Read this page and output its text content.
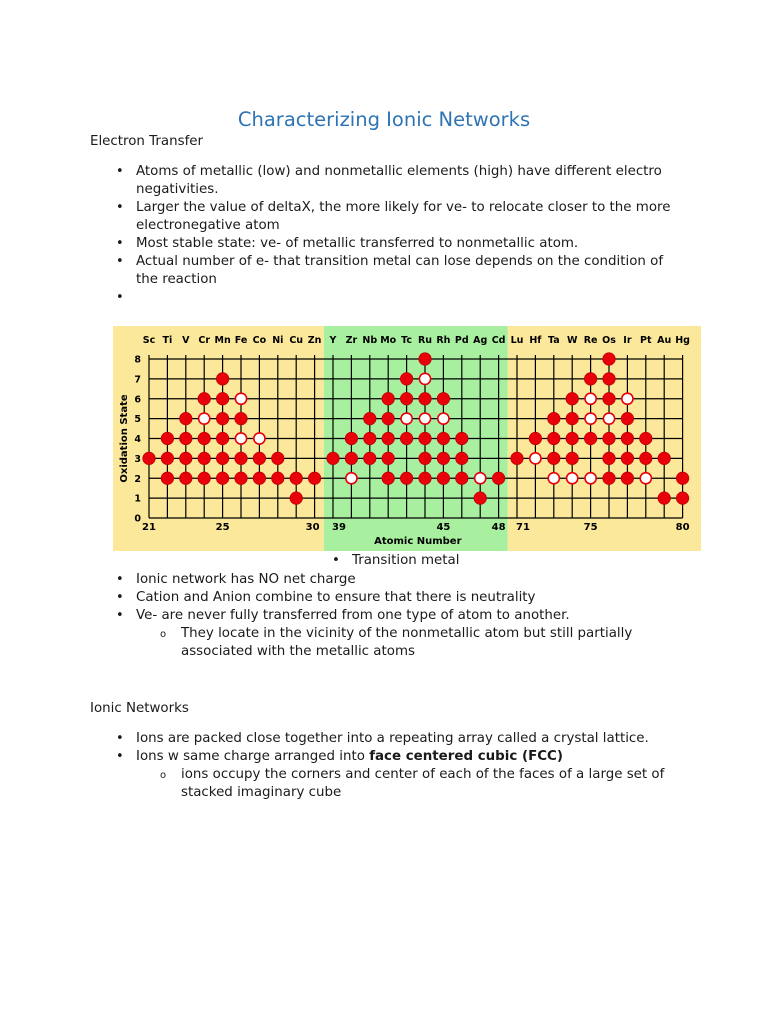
Characterizing Ionic Networks
Electron Transfer
• Atoms of metallic (low) and nonmetallic elements (high) have different electro negativities.
• Larger the value of deltaX, the more likely for ve- to relocate closer to the more electronegative atom
• Most stable state: ve- of metallic transferred to nonmetallic atom.
• Actual number of e- that transition metal can lose depends on the condition of the reaction
•

Sc Ti V Cr Mn Fe Co Ni Cu Zn Y Zr Nb Mo Tc Ru Rh Pd Ag Cd Lu Hf Ta W Re Os Ir Pt Au Hg
0
1
2
3
4
5
6
7
8
21	25	30 39	45	48 71	75	80
Atomic Number
Oxidation State
• Transition metal
• Ionic network has NO net charge
• Cation and Anion combine to ensure that there is neutrality
• Ve- are never fully transferred from one type of atom to another.
o They locate in the vicinity of the nonmetallic atom but still partially associated with the metallic atoms
Ionic Networks
• Ions are packed close together into a repeating array called a crystal lattice.
• Ions w same charge arranged into face centered cubic (FCC)
o ions occupy the corners and center of each of the faces of a large set of stacked imaginary cube
